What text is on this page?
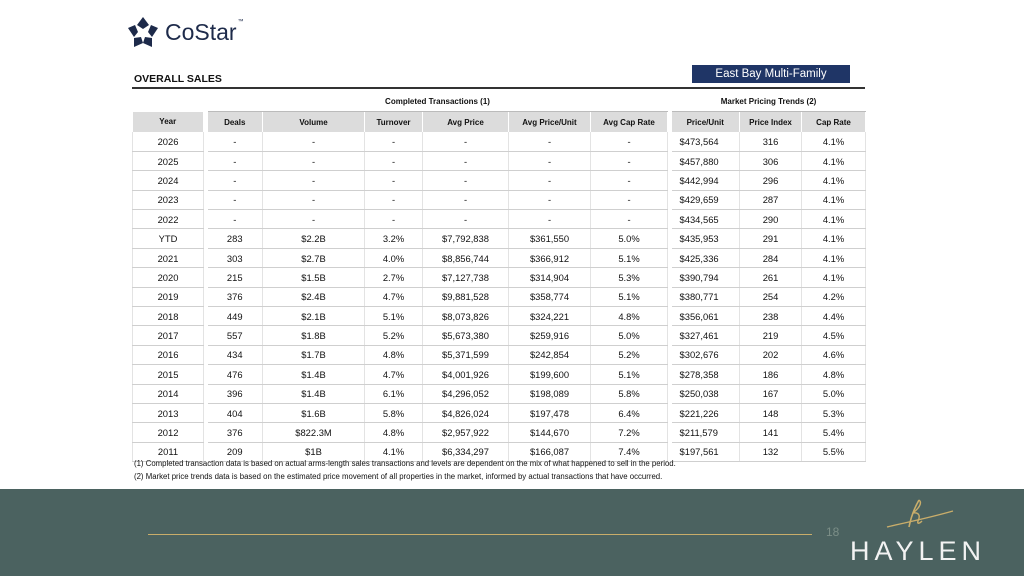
CoStar ™
OVERALL SALES	East Bay Multi-Family
		Completed Transactions (1)							Market Pricing Trends (2)		
Year		Deals	Volume	Turnover	Avg Price	Avg Price/Unit	Avg Cap Rate		Price/Unit	Price Index	Cap Rate
2026		-	-	-	-	-	-		$473,564	316	4.1%
2025		-	-	-	-	-	-		$457,880	306	4.1%
2024		-	-	-	-	-	-		$442,994	296	4.1%
2023		-	-	-	-	-	-		$429,659	287	4.1%
2022		-	-	-	-	-	-		$434,565	290	4.1%
YTD		283	$2.2B	3.2%	$7,792,838	$361,550	5.0%		$435,953	291	4.1%
2021		303	$2.7B	4.0%	$8,856,744	$366,912	5.1%		$425,336	284	4.1%
2020		215	$1.5B	2.7%	$7,127,738	$314,904	5.3%		$390,794	261	4.1%
2019		376	$2.4B	4.7%	$9,881,528	$358,774	5.1%		$380,771	254	4.2%
2018		449	$2.1B	5.1%	$8,073,826	$324,221	4.8%		$356,061	238	4.4%
2017		557	$1.8B	5.2%	$5,673,380	$259,916	5.0%		$327,461	219	4.5%
2016		434	$1.7B	4.8%	$5,371,599	$242,854	5.2%		$302,676	202	4.6%
2015		476	$1.4B	4.7%	$4,001,926	$199,600	5.1%		$278,358	186	4.8%
2014		396	$1.4B	6.1%	$4,296,052	$198,089	5.8%		$250,038	167	5.0%
2013		404	$1.6B	5.8%	$4,826,024	$197,478	6.4%		$221,226	148	5.3%
2012		376	$822.3M	4.8%	$2,957,922	$144,670	7.2%		$211,579	141	5.4%
2011		209	$1B	4.1%	$6,334,297	$166,087	7.4%		$197,561	132	5.5%
(1) Completed transaction data is based on actual arms-length sales transactions and levels are dependent on the mix of what happened to sell in the period.
(2) Market price trends data is based on the estimated price movement of all properties in the market, informed by actual transactions that have occurred.
18
HAYLEN
